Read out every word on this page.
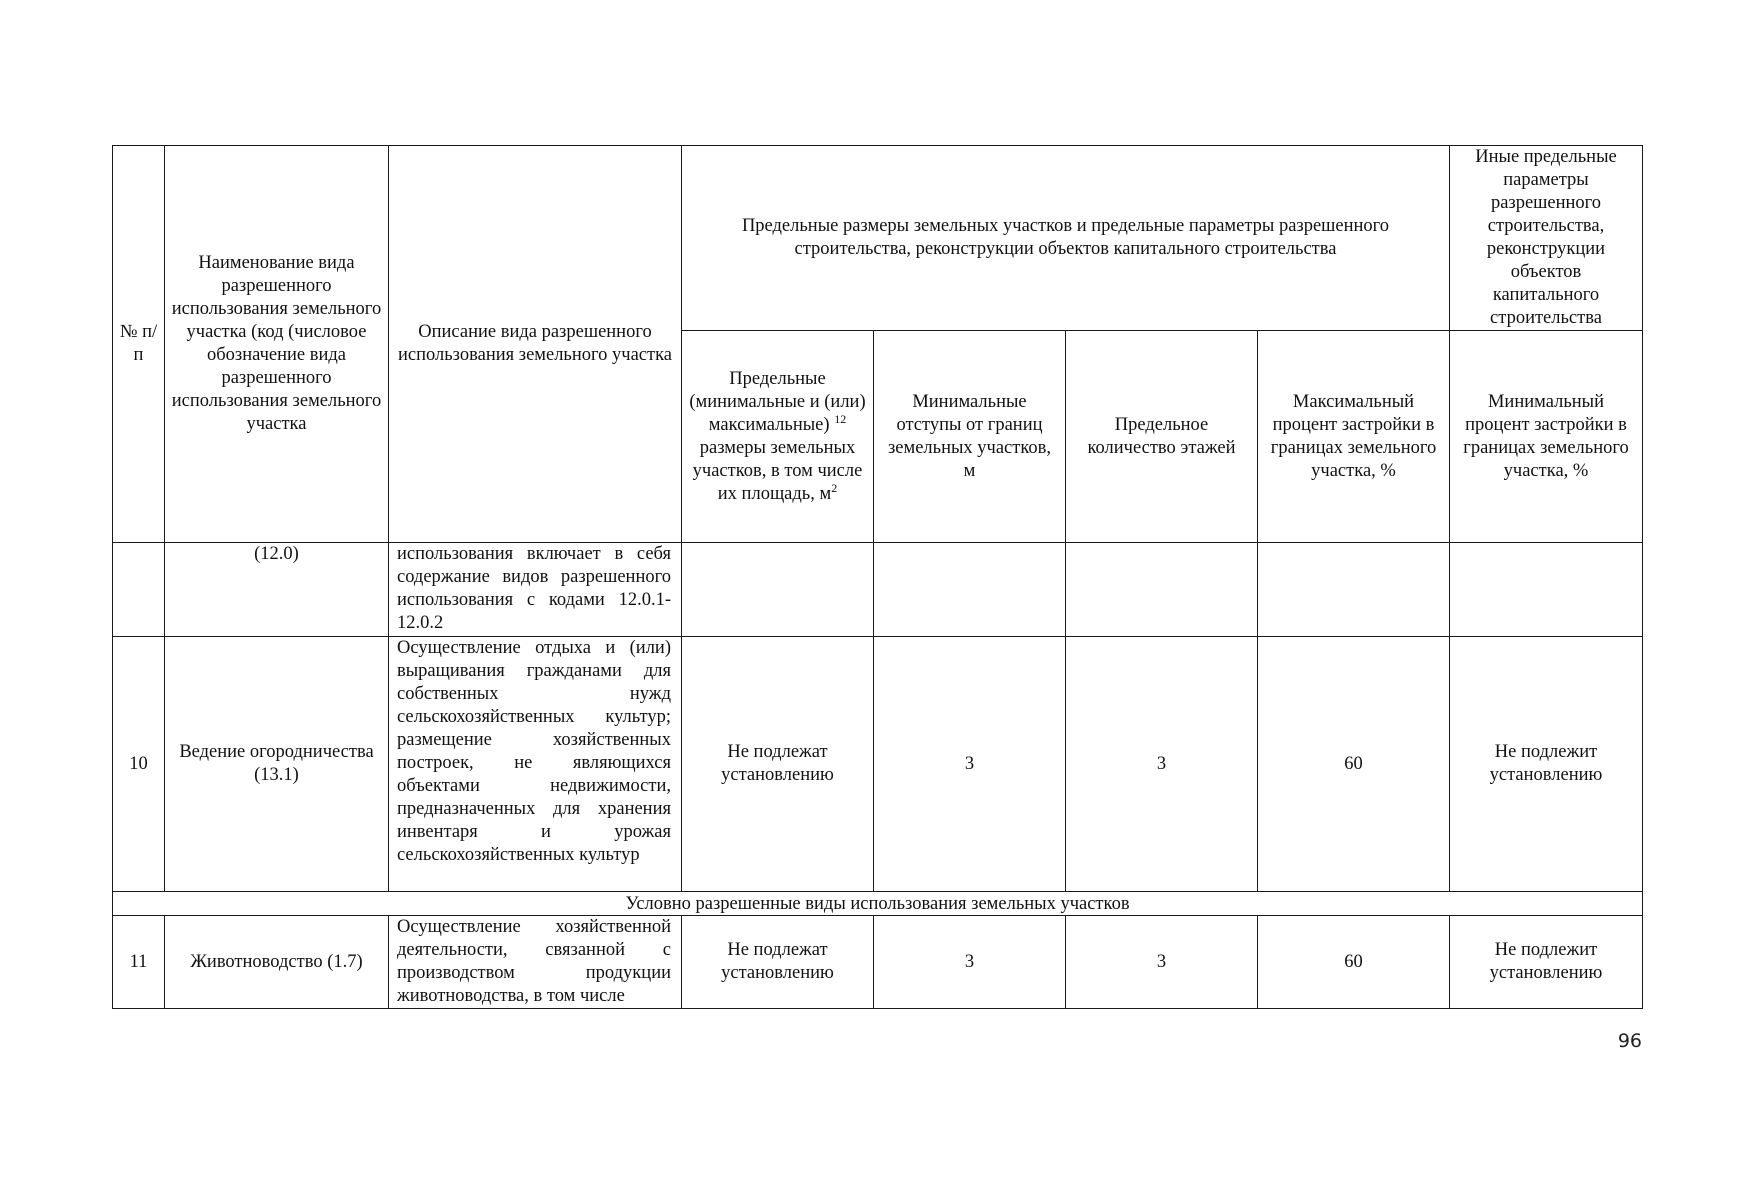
№ п/п	Наименование вида разрешенного использования земельного участка (код (числовое обозначение вида разрешенного использования земельного участка	Описание вида разрешенного использования земельного участка	Предельные размеры земельных участков и предельные параметры разрешенного строительства, реконструкции объектов капитального строительства				Иные предельные параметры разрешенного строительства, реконструкции объектов капитального строительства
			Предельные (минимальные и (или) максимальные) $^{12}$ размеры земельных участков, в том числе их площадь, $м^2$	Минимальные отступы от границ земельных участков, м	Предельное количество этажей	Максимальный процент застройки в границах земельного участка, %	Минимальный процент застройки в границах земельного участка, %
	(12.0)	использования включает в себя содержание видов разрешенного использования с кодами 12.0.1-12.0.2					
10	Ведение огородничества (13.1)	Осуществление отдыха и (или) выращивания гражданами для собственных нужд сельскохозяйственных культур; размещение хозяйственных построек, не являющихся объектами недвижимости, предназначенных для хранения инвентаря и урожая сельскохозяйственных культур	Не подлежат установлению	3	3	60	Не подлежит установлению
Условно разрешенные виды использования земельных участков							
11	Животноводство (1.7)	Осуществление хозяйственной деятельности, связанной с производством продукции животноводства, в том числе	Не подлежат установлению	3	3	60	Не подлежит установлению
96
